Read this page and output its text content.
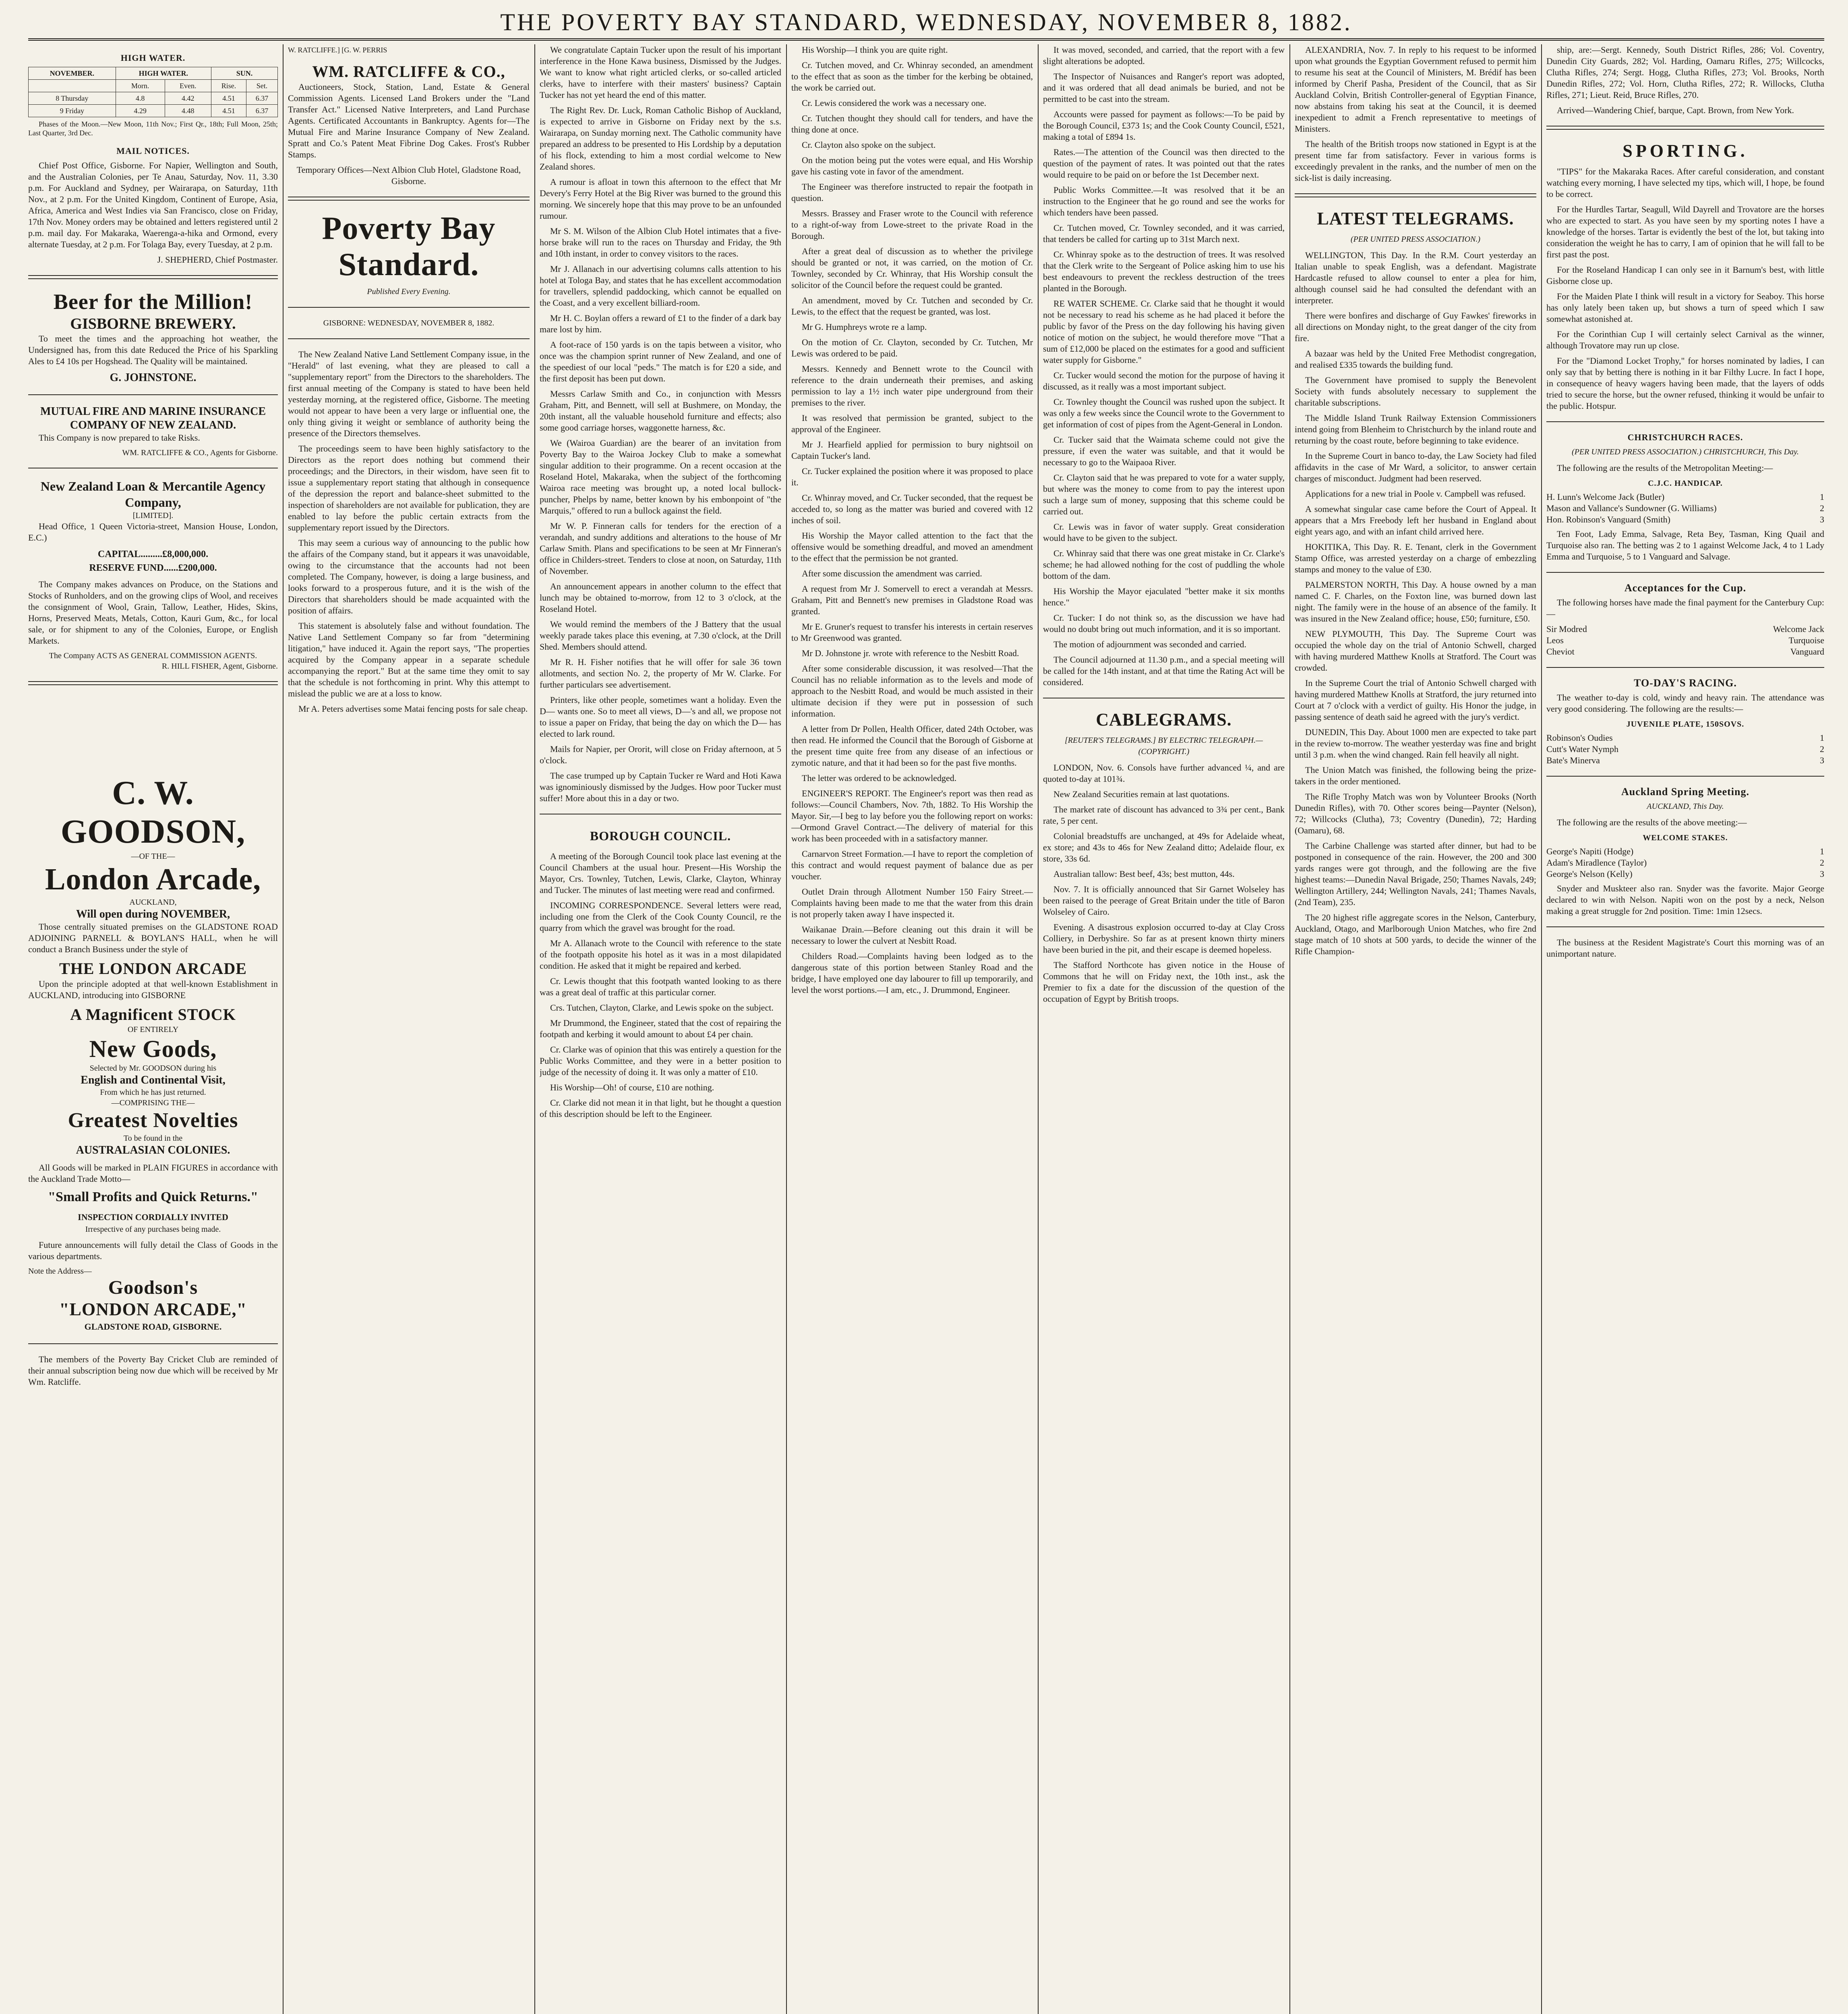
THE POVERTY BAY STANDARD, WEDNESDAY, NOVEMBER 8, 1882.
HIGH WATER.
NOVEMBER.	HIGH WATER.		SUN.	
	Morn.	Even.	Rise.	Set.
8 Thursday	4.8	4.42	4.51	6.37
9 Friday	4.29	4.48	4.51	6.37

Phases of the Moon.—New Moon, 11th Nov.; First Qr., 18th; Full Moon, 25th; Last Quarter, 3rd Dec.

MAIL NOTICES.

Chief Post Office, Gisborne. For Napier, Wellington and South, and the Australian Colonies, per Te Anau, Saturday, Nov. 11, 3.30 p.m. For Auckland and Sydney, per Wairarapa, on Saturday, 11th Nov., at 2 p.m. For the United Kingdom, Continent of Europe, Asia, Africa, America and West Indies via San Francisco, close on Friday, 17th Nov. Money orders may be obtained and letters registered until 2 p.m. mail day. For Makaraka, Waerenga-a-hika and Ormond, every alternate Tuesday, at 2 p.m. For Tolaga Bay, every Tuesday, at 2 p.m.

J. SHEPHERD, Chief Postmaster.

Beer for the Million!
GISBORNE BREWERY.

To meet the times and the approaching hot weather, the Undersigned has, from this date Reduced the Price of his Sparkling Ales to £4 10s per Hogshead. The Quality will be maintained.

G. JOHNSTONE.
MUTUAL FIRE AND MARINE INSURANCE COMPANY OF NEW ZEALAND.

This Company is now prepared to take Risks.

WM. RATCLIFFE & CO., Agents for Gisborne.
New Zealand Loan & Mercantile Agency Company,
[LIMITED].

Head Office, 1 Queen Victoria-street, Mansion House, London, E.C.)

CAPITAL.........£8,000,000.
RESERVE FUND......£200,000.

The Company makes advances on Produce, on the Stations and Stocks of Runholders, and on the growing clips of Wool, and receives the consignment of Wool, Grain, Tallow, Leather, Hides, Skins, Horns, Preserved Meats, Metals, Cotton, Kauri Gum, &c., for local sale, or for shipment to any of the Colonies, Europe, or English Markets.

The Company ACTS AS GENERAL COMMISSION AGENTS.
R. HILL FISHER, Agent, Gisborne.
C. W. GOODSON,
—OF THE—
London Arcade,
AUCKLAND,
Will open during NOVEMBER,

Those centrally situated premises on the GLADSTONE ROAD ADJOINING PARNELL & BOYLAN'S HALL, when he will conduct a Branch Business under the style of

THE LONDON ARCADE

Upon the principle adopted at that well-known Establishment in AUCKLAND, introducing into GISBORNE

A Magnificent STOCK
OF ENTIRELY
New Goods,
Selected by Mr. GOODSON during his
English and Continental Visit,
From which he has just returned.
—COMPRISING THE—
Greatest Novelties
To be found in the
AUSTRALASIAN COLONIES.

All Goods will be marked in PLAIN FIGURES in accordance with the Auckland Trade Motto—

"Small Profits and Quick Returns."
INSPECTION CORDIALLY INVITED
Irrespective of any purchases being made.

Future announcements will fully detail the Class of Goods in the various departments.

Note the Address—
Goodson's
"LONDON ARCADE,"
GLADSTONE ROAD, GISBORNE.

The members of the Poverty Bay Cricket Club are reminded of their annual subscription being now due which will be received by Mr Wm. Ratcliffe.

W. RATCLIFFE.] [G. W. PERRIS
WM. RATCLIFFE & CO.,

Auctioneers, Stock, Station, Land, Estate & General Commission Agents. Licensed Land Brokers under the "Land Transfer Act." Licensed Native Interpreters, and Land Purchase Agents. Certificated Accountants in Bankruptcy. Agents for—The Mutual Fire and Marine Insurance Company of New Zealand. Spratt and Co.'s Patent Meat Fibrine Dog Cakes. Frost's Rubber Stamps.

Temporary Offices—Next Albion Club Hotel, Gladstone Road, Gisborne.

Poverty Bay Standard.
Published Every Evening.
GISBORNE: WEDNESDAY, NOVEMBER 8, 1882.

The New Zealand Native Land Settlement Company issue, in the "Herald" of last evening, what they are pleased to call a "supplementary report" from the Directors to the shareholders. The first annual meeting of the Company is stated to have been held yesterday morning, at the registered office, Gisborne. The meeting would not appear to have been a very large or influential one, the only thing giving it weight or semblance of authority being the presence of the Directors themselves.

The proceedings seem to have been highly satisfactory to the Directors as the report does nothing but commend their proceedings; and the Directors, in their wisdom, have seen fit to issue a supplementary report stating that although in consequence of the depression the report and balance-sheet submitted to the inspection of shareholders are not available for publication, they are enabled to lay before the public certain extracts from the supplementary report issued by the Directors.

This may seem a curious way of announcing to the public how the affairs of the Company stand, but it appears it was unavoidable, owing to the circumstance that the accounts had not been completed. The Company, however, is doing a large business, and looks forward to a prosperous future, and it is the wish of the Directors that shareholders should be made acquainted with the position of affairs.

This statement is absolutely false and without foundation. The Native Land Settlement Company so far from "determining litigation," have induced it. Again the report says, "The properties acquired by the Company appear in a separate schedule accompanying the report." But at the same time they omit to say that the schedule is not forthcoming in print. Why this attempt to mislead the public we are at a loss to know.

Mr A. Peters advertises some Matai fencing posts for sale cheap.

We congratulate Captain Tucker upon the result of his important interference in the Hone Kawa business, Dismissed by the Judges. We want to know what right articled clerks, or so-called articled clerks, have to interfere with their masters' business? Captain Tucker has not yet heard the end of this matter.

The Right Rev. Dr. Luck, Roman Catholic Bishop of Auckland, is expected to arrive in Gisborne on Friday next by the s.s. Wairarapa, on Sunday morning next. The Catholic community have prepared an address to be presented to His Lordship by a deputation of his flock, extending to him a most cordial welcome to New Zealand shores.

A rumour is afloat in town this afternoon to the effect that Mr Devery's Ferry Hotel at the Big River was burned to the ground this morning. We sincerely hope that this may prove to be an unfounded rumour.

Mr S. M. Wilson of the Albion Club Hotel intimates that a five-horse brake will run to the races on Thursday and Friday, the 9th and 10th instant, in order to convey visitors to the races.

Mr J. Allanach in our advertising columns calls attention to his hotel at Tologa Bay, and states that he has excellent accommodation for travellers, splendid paddocking, which cannot be equalled on the Coast, and a very excellent billiard-room.

Mr H. C. Boylan offers a reward of £1 to the finder of a dark bay mare lost by him.

A foot-race of 150 yards is on the tapis between a visitor, who once was the champion sprint runner of New Zealand, and one of the speediest of our local "peds." The match is for £20 a side, and the first deposit has been put down.

Messrs Carlaw Smith and Co., in conjunction with Messrs Graham, Pitt, and Bennett, will sell at Bushmere, on Monday, the 20th instant, all the valuable household furniture and effects; also some good carriage horses, waggonette harness, &c.

We (Wairoa Guardian) are the bearer of an invitation from Poverty Bay to the Wairoa Jockey Club to make a somewhat singular addition to their programme. On a recent occasion at the Roseland Hotel, Makaraka, when the subject of the forthcoming Wairoa race meeting was brought up, a noted local bullock-puncher, Phelps by name, better known by his embonpoint of "the Marquis," offered to run a bullock against the field.

Mr W. P. Finneran calls for tenders for the erection of a verandah, and sundry additions and alterations to the house of Mr Carlaw Smith. Plans and specifications to be seen at Mr Finneran's office in Childers-street. Tenders to close at noon, on Saturday, 11th of November.

An announcement appears in another column to the effect that lunch may be obtained to-morrow, from 12 to 3 o'clock, at the Roseland Hotel.

We would remind the members of the J Battery that the usual weekly parade takes place this evening, at 7.30 o'clock, at the Drill Shed. Members should attend.

Mr R. H. Fisher notifies that he will offer for sale 36 town allotments, and section No. 2, the property of Mr W. Clarke. For further particulars see advertisement.

Printers, like other people, sometimes want a holiday. Even the D— wants one. So to meet all views, D—'s and all, we propose not to issue a paper on Friday, that being the day on which the D— has elected to lark round.

Mails for Napier, per Ororit, will close on Friday afternoon, at 5 o'clock.

The case trumped up by Captain Tucker re Ward and Hoti Kawa was ignominiously dismissed by the Judges. How poor Tucker must suffer! More about this in a day or two.

BOROUGH COUNCIL.

A meeting of the Borough Council took place last evening at the Council Chambers at the usual hour. Present—His Worship the Mayor, Crs. Townley, Tutchen, Lewis, Clarke, Clayton, Whinray and Tucker. The minutes of last meeting were read and confirmed.

INCOMING CORRESPONDENCE. Several letters were read, including one from the Clerk of the Cook County Council, re the quarry from which the gravel was brought for the road.

Mr A. Allanach wrote to the Council with reference to the state of the footpath opposite his hotel as it was in a most dilapidated condition. He asked that it might be repaired and kerbed.

Cr. Lewis thought that this footpath wanted looking to as there was a great deal of traffic at this particular corner.

Crs. Tutchen, Clayton, Clarke, and Lewis spoke on the subject.

Mr Drummond, the Engineer, stated that the cost of repairing the footpath and kerbing it would amount to about £4 per chain.

Cr. Clarke was of opinion that this was entirely a question for the Public Works Committee, and they were in a better position to judge of the necessity of doing it. It was only a matter of £10.

His Worship—Oh! of course, £10 are nothing.

Cr. Clarke did not mean it in that light, but he thought a question of this description should be left to the Engineer.

His Worship—I think you are quite right.

Cr. Tutchen moved, and Cr. Whinray seconded, an amendment to the effect that as soon as the timber for the kerbing be obtained, the work be carried out.

Cr. Lewis considered the work was a necessary one.

Cr. Tutchen thought they should call for tenders, and have the thing done at once.

Cr. Clayton also spoke on the subject.

On the motion being put the votes were equal, and His Worship gave his casting vote in favor of the amendment.

The Engineer was therefore instructed to repair the footpath in question.

Messrs. Brassey and Fraser wrote to the Council with reference to a right-of-way from Lowe-street to the private Road in the Borough.

After a great deal of discussion as to whether the privilege should be granted or not, it was carried, on the motion of Cr. Townley, seconded by Cr. Whinray, that His Worship consult the solicitor of the Council before the request could be granted.

An amendment, moved by Cr. Tutchen and seconded by Cr. Lewis, to the effect that the request be granted, was lost.

Mr G. Humphreys wrote re a lamp.

On the motion of Cr. Clayton, seconded by Cr. Tutchen, Mr Lewis was ordered to be paid.

Messrs. Kennedy and Bennett wrote to the Council with reference to the drain underneath their premises, and asking permission to lay a 1½ inch water pipe underground from their premises to the river.

It was resolved that permission be granted, subject to the approval of the Engineer.

Mr J. Hearfield applied for permission to bury nightsoil on Captain Tucker's land.

Cr. Tucker explained the position where it was proposed to place it.

Cr. Whinray moved, and Cr. Tucker seconded, that the request be acceded to, so long as the matter was buried and covered with 12 inches of soil.

His Worship the Mayor called attention to the fact that the offensive would be something dreadful, and moved an amendment to the effect that the permission be not granted.

After some discussion the amendment was carried.

A request from Mr J. Somervell to erect a verandah at Messrs. Graham, Pitt and Bennett's new premises in Gladstone Road was granted.

Mr E. Gruner's request to transfer his interests in certain reserves to Mr Greenwood was granted.

Mr D. Johnstone jr. wrote with reference to the Nesbitt Road.

After some considerable discussion, it was resolved—That the Council has no reliable information as to the levels and mode of approach to the Nesbitt Road, and would be much assisted in their ultimate decision if they were put in possession of such information.

A letter from Dr Pollen, Health Officer, dated 24th October, was then read. He informed the Council that the Borough of Gisborne at the present time quite free from any disease of an infectious or zymotic nature, and that it had been so for the past five months.

The letter was ordered to be acknowledged.

ENGINEER'S REPORT. The Engineer's report was then read as follows:—Council Chambers, Nov. 7th, 1882. To His Worship the Mayor. Sir,—I beg to lay before you the following report on works:—Ormond Gravel Contract.—The delivery of material for this work has been proceeded with in a satisfactory manner.

Carnarvon Street Formation.—I have to report the completion of this contract and would request payment of balance due as per voucher.

Outlet Drain through Allotment Number 150 Fairy Street.—Complaints having been made to me that the water from this drain is not properly taken away I have inspected it.

Waikanae Drain.—Before cleaning out this drain it will be necessary to lower the culvert at Nesbitt Road.

Childers Road.—Complaints having been lodged as to the dangerous state of this portion between Stanley Road and the bridge, I have employed one day labourer to fill up temporarily, and level the worst portions.—I am, etc., J. Drummond, Engineer.

It was moved, seconded, and carried, that the report with a few slight alterations be adopted.

The Inspector of Nuisances and Ranger's report was adopted, and it was ordered that all dead animals be buried, and not be permitted to be cast into the stream.

Accounts were passed for payment as follows:—To be paid by the Borough Council, £373 1s; and the Cook County Council, £521, making a total of £894 1s.

Rates.—The attention of the Council was then directed to the question of the payment of rates. It was pointed out that the rates would require to be paid on or before the 1st December next.

Public Works Committee.—It was resolved that it be an instruction to the Engineer that he go round and see the works for which tenders have been passed.

Cr. Tutchen moved, Cr. Townley seconded, and it was carried, that tenders be called for carting up to 31st March next.

Cr. Whinray spoke as to the destruction of trees. It was resolved that the Clerk write to the Sergeant of Police asking him to use his best endeavours to prevent the reckless destruction of the trees planted in the Borough.

RE WATER SCHEME. Cr. Clarke said that he thought it would not be necessary to read his scheme as he had placed it before the public by favor of the Press on the day following his having given notice of motion on the subject, he would therefore move "That a sum of £12,000 be placed on the estimates for a good and sufficient water supply for Gisborne."

Cr. Tucker would second the motion for the purpose of having it discussed, as it really was a most important subject.

Cr. Townley thought the Council was rushed upon the subject. It was only a few weeks since the Council wrote to the Government to get information of cost of pipes from the Agent-General in London.

Cr. Tucker said that the Waimata scheme could not give the pressure, if even the water was suitable, and that it would be necessary to go to the Waipaoa River.

Cr. Clayton said that he was prepared to vote for a water supply, but where was the money to come from to pay the interest upon such a large sum of money, supposing that this scheme could be carried out.

Cr. Lewis was in favor of water supply. Great consideration would have to be given to the subject.

Cr. Whinray said that there was one great mistake in Cr. Clarke's scheme; he had allowed nothing for the cost of puddling the whole bottom of the dam.

His Worship the Mayor ejaculated "better make it six months hence."

Cr. Tucker: I do not think so, as the discussion we have had would no doubt bring out much information, and it is so important.

The motion of adjournment was seconded and carried.

The Council adjourned at 11.30 p.m., and a special meeting will be called for the 14th instant, and at that time the Rating Act will be considered.

CABLEGRAMS.
[REUTER'S TELEGRAMS.] BY ELECTRIC TELEGRAPH.—(COPYRIGHT.)

LONDON, Nov. 6. Consols have further advanced ¼, and are quoted to-day at 101¾.

New Zealand Securities remain at last quotations.

The market rate of discount has advanced to 3¾ per cent., Bank rate, 5 per cent.

Colonial breadstuffs are unchanged, at 49s for Adelaide wheat, ex store; and 43s to 46s for New Zealand ditto; Adelaide flour, ex store, 33s 6d.

Australian tallow: Best beef, 43s; best mutton, 44s.

Nov. 7. It is officially announced that Sir Garnet Wolseley has been raised to the peerage of Great Britain under the title of Baron Wolseley of Cairo.

Evening. A disastrous explosion occurred to-day at Clay Cross Colliery, in Derbyshire. So far as at present known thirty miners have been buried in the pit, and their escape is deemed hopeless.

The Stafford Northcote has given notice in the House of Commons that he will on Friday next, the 10th inst., ask the Premier to fix a date for the discussion of the question of the occupation of Egypt by British troops.

ALEXANDRIA, Nov. 7. In reply to his request to be informed upon what grounds the Egyptian Government refused to permit him to resume his seat at the Council of Ministers, M. Brédif has been informed by Cherif Pasha, President of the Council, that as Sir Auckland Colvin, British Controller-general of Egyptian Finance, now abstains from taking his seat at the Council, it is deemed inexpedient to admit a French representative to meetings of Ministers.

The health of the British troops now stationed in Egypt is at the present time far from satisfactory. Fever in various forms is exceedingly prevalent in the ranks, and the number of men on the sick-list is daily increasing.

LATEST TELEGRAMS.
(PER UNITED PRESS ASSOCIATION.)

WELLINGTON, This Day. In the R.M. Court yesterday an Italian unable to speak English, was a defendant. Magistrate Hardcastle refused to allow counsel to enter a plea for him, although counsel said he had consulted the defendant with an interpreter.

There were bonfires and discharge of Guy Fawkes' fireworks in all directions on Monday night, to the great danger of the city from fire.

A bazaar was held by the United Free Methodist congregation, and realised £335 towards the building fund.

The Government have promised to supply the Benevolent Society with funds absolutely necessary to supplement the charitable subscriptions.

The Middle Island Trunk Railway Extension Commissioners intend going from Blenheim to Christchurch by the inland route and returning by the coast route, before beginning to take evidence.

In the Supreme Court in banco to-day, the Law Society had filed affidavits in the case of Mr Ward, a solicitor, to answer certain charges of misconduct. Judgment had been reserved.

Applications for a new trial in Poole v. Campbell was refused.

A somewhat singular case came before the Court of Appeal. It appears that a Mrs Freebody left her husband in England about eight years ago, and with an infant child arrived here.

HOKITIKA, This Day. R. E. Tenant, clerk in the Government Stamp Office, was arrested yesterday on a charge of embezzling stamps and money to the value of £30.

PALMERSTON NORTH, This Day. A house owned by a man named C. F. Charles, on the Foxton line, was burned down last night. The family were in the house of an absence of the family. It was insured in the New Zealand office; house, £50; furniture, £50.

NEW PLYMOUTH, This Day. The Supreme Court was occupied the whole day on the trial of Antonio Schwell, charged with having murdered Matthew Knolls at Stratford. The Court was crowded.

In the Supreme Court the trial of Antonio Schwell charged with having murdered Matthew Knolls at Stratford, the jury returned into Court at 7 o'clock with a verdict of guilty. His Honor the judge, in passing sentence of death said he agreed with the jury's verdict.

DUNEDIN, This Day. About 1000 men are expected to take part in the review to-morrow. The weather yesterday was fine and bright until 3 p.m. when the wind changed. Rain fell heavily all night.

The Union Match was finished, the following being the prize-takers in the order mentioned.

The Rifle Trophy Match was won by Volunteer Brooks (North Dunedin Rifles), with 70. Other scores being—Paynter (Nelson), 72; Willcocks (Clutha), 73; Coventry (Dunedin), 72; Harding (Oamaru), 68.

The Carbine Challenge was started after dinner, but had to be postponed in consequence of the rain. However, the 200 and 300 yards ranges were got through, and the following are the five highest teams:—Dunedin Naval Brigade, 250; Thames Navals, 249; Wellington Artillery, 244; Wellington Navals, 241; Thames Navals, (2nd Team), 235.

The 20 highest rifle aggregate scores in the Nelson, Canterbury, Auckland, Otago, and Marlborough Union Matches, who fire 2nd stage match of 10 shots at 500 yards, to decide the winner of the Rifle Champion-

ship, are:—Sergt. Kennedy, South District Rifles, 286; Vol. Coventry, Dunedin City Guards, 282; Vol. Harding, Oamaru Rifles, 275; Willcocks, Clutha Rifles, 274; Sergt. Hogg, Clutha Rifles, 273; Vol. Brooks, North Dunedin Rifles, 272; Vol. Horn, Clutha Rifles, 272; R. Willocks, Clutha Rifles, 271; Lieut. Reid, Bruce Rifles, 270.

Arrived—Wandering Chief, barque, Capt. Brown, from New York.

SPORTING.

"TIPS" for the Makaraka Races. After careful consideration, and constant watching every morning, I have selected my tips, which will, I hope, be found to be correct.

For the Hurdles Tartar, Seagull, Wild Dayrell and Trovatore are the horses who are expected to start. As you have seen by my sporting notes I have a knowledge of the horses. Tartar is evidently the best of the lot, but taking into consideration the weight he has to carry, I am of opinion that he will fall to be first past the post.

For the Roseland Handicap I can only see in it Barnum's best, with little Gisborne close up.

For the Maiden Plate I think will result in a victory for Seaboy. This horse has only lately been taken up, but shows a turn of speed which I saw somewhat astonished at.

For the Corinthian Cup I will certainly select Carnival as the winner, although Trovatore may run up close.

For the "Diamond Locket Trophy," for horses nominated by ladies, I can only say that by betting there is nothing in it bar Filthy Lucre. In fact I hope, in consequence of heavy wagers having been made, that the layers of odds tried to secure the horse, but the owner refused, thinking it would be unfair to the public. Hotspur.

CHRISTCHURCH RACES.
(PER UNITED PRESS ASSOCIATION.) CHRISTCHURCH, This Day.

The following are the results of the Metropolitan Meeting:—

C.J.C. HANDICAP.
H. Lunn's Welcome Jack (Butler)	1
Mason and Vallance's Sundowner (G. Williams)	2
Hon. Robinson's Vanguard (Smith)	3

Ten Foot, Lady Emma, Salvage, Reta Bey, Tasman, King Quail and Turquoise also ran. The betting was 2 to 1 against Welcome Jack, 4 to 1 Lady Emma and Turquoise, 5 to 1 Vanguard and Salvage.

Acceptances for the Cup.

The following horses have made the final payment for the Canterbury Cup:—

Sir Modred	Welcome Jack
Leos	Turquoise
Cheviot	Vanguard
TO-DAY'S RACING.

The weather to-day is cold, windy and heavy rain. The attendance was very good considering. The following are the results:—

JUVENILE PLATE, 150SOVS.
Robinson's Oudies	1
Cutt's Water Nymph	2
Bate's Minerva	3
Auckland Spring Meeting.
AUCKLAND, This Day.

The following are the results of the above meeting:—

WELCOME STAKES.
George's Napiti (Hodge)	1
Adam's Miradlence (Taylor)	2
George's Nelson (Kelly)	3

Snyder and Muskteer also ran. Snyder was the favorite. Major George declared to win with Nelson. Napiti won on the post by a neck, Nelson making a great struggle for 2nd position. Time: 1min 12secs.

The business at the Resident Magistrate's Court this morning was of an unimportant nature.
